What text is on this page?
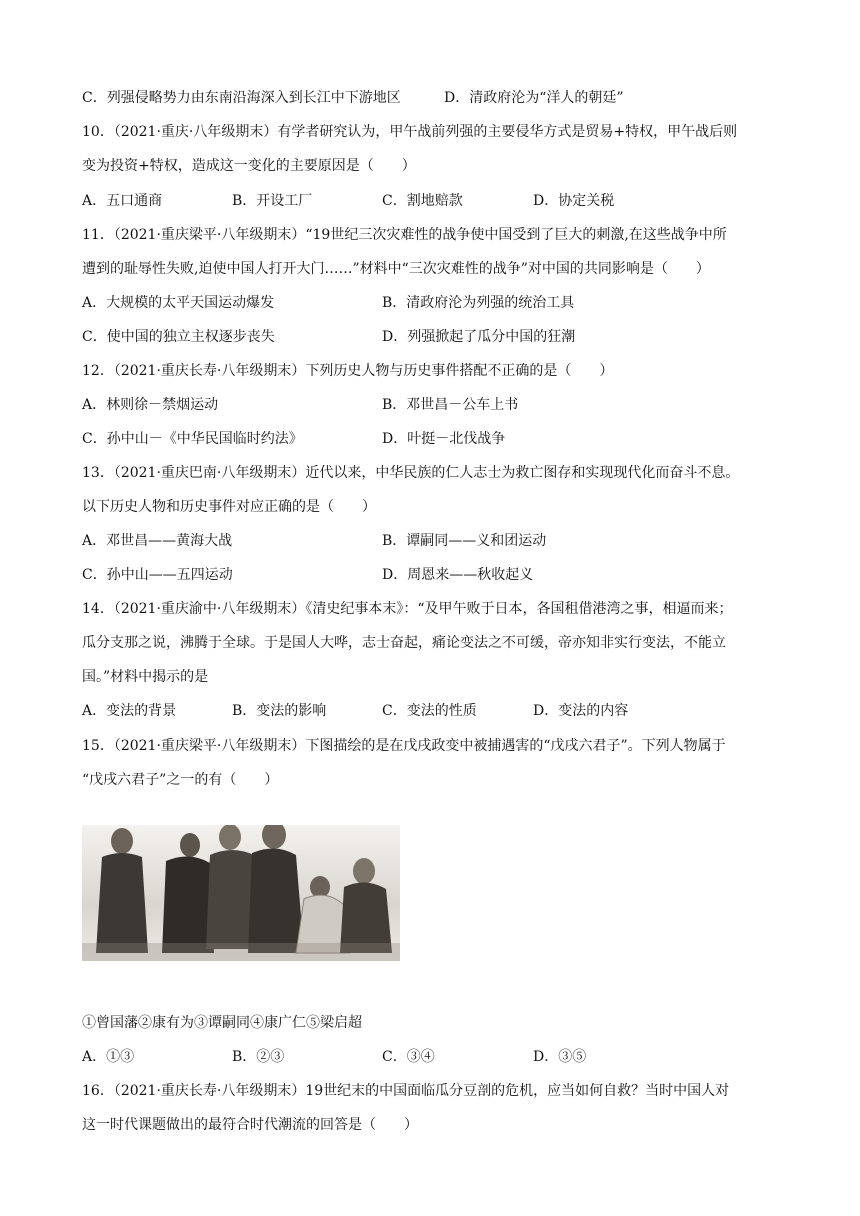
C．列强侵略势力由东南沿海深入到长江中下游地区	D．清政府沦为“洋人的朝廷”
10．（2021·重庆·八年级期末）有学者研究认为，甲午战前列强的主要侵华方式是贸易+特权，甲午战后则
变为投资+特权，造成这一变化的主要原因是（　　）
A．五口通商	B．开设工厂	C．割地赔款	D．协定关税
11．（2021·重庆梁平·八年级期末）“19世纪三次灾难性的战争使中国受到了巨大的刺激,在这些战争中所
遭到的耻辱性失败,迫使中国人打开大门……”材料中“三次灾难性的战争”对中国的共同影响是（　　）
A．大规模的太平天国运动爆发	B．清政府沦为列强的统治工具
C．使中国的独立主权逐步丧失	D．列强掀起了瓜分中国的狂潮
12．（2021·重庆长寿·八年级期末）下列历史人物与历史事件搭配不正确的是（　　）
A．林则徐－禁烟运动	B．邓世昌－公车上书
C．孙中山－《中华民国临时约法》	D．叶挺－北伐战争
13．（2021·重庆巴南·八年级期末）近代以来，中华民族的仁人志士为救亡图存和实现现代化而奋斗不息。
以下历史人物和历史事件对应正确的是（　　）
A．邓世昌——黄海大战	B．谭嗣同——义和团运动
C．孙中山——五四运动	D．周恩来——秋收起义
14．（2021·重庆渝中·八年级期末）《清史纪事本末》：“及甲午败于日本，各国租借港湾之事，相逼而来；
瓜分支那之说，沸腾于全球。于是国人大哗，志士奋起，痛论变法之不可缓，帝亦知非实行变法，不能立
国。”材料中揭示的是
A．变法的背景	B．变法的影响	C．变法的性质	D．变法的内容
15．（2021·重庆梁平·八年级期末）下图描绘的是在戊戌政变中被捕遇害的“戊戌六君子”。下列人物属于
“戊戌六君子”之一的有（　　）
①曾国藩②康有为③谭嗣同④康广仁⑤梁启超
A．①③	B．②③	C．③④	D．③⑤
16．（2021·重庆长寿·八年级期末）19世纪末的中国面临瓜分豆剖的危机，应当如何自救？当时中国人对
这一时代课题做出的最符合时代潮流的回答是（　　）
